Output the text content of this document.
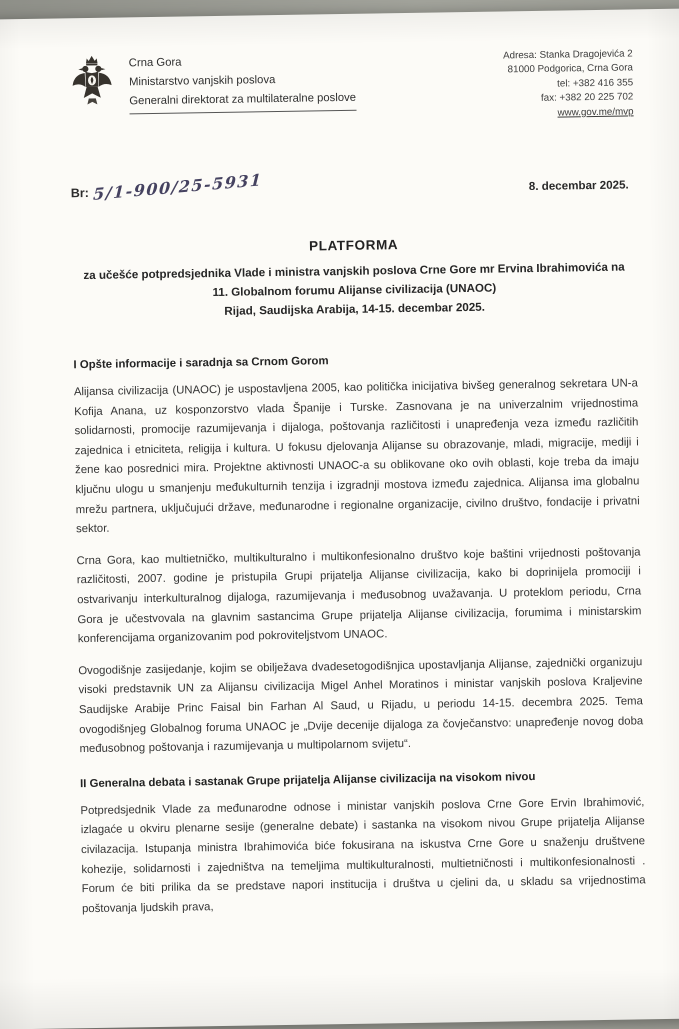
Crna Gora
Ministarstvo vanjskih poslova
Generalni direktorat za multilateralne poslove
Adresa: Stanka Dragojevića 2
81000 Podgorica, Crna Gora
tel: +382 416 355
fax: +382 20 225 702
www.gov.me/mvp
Br: 5/1-900/25-5931	8. decembar 2025.
PLATFORMA
za učešće potpredsjednika Vlade i ministra vanjskih poslova Crne Gore mr Ervina Ibrahimovića na 11. Globalnom forumu Alijanse civilizacija (UNAOC)
Rijad, Saudijska Arabija, 14-15. decembar 2025.
I Opšte informacije i saradnja sa Crnom Gorom

Alijansa civilizacija (UNAOC) je uspostavljena 2005, kao politička inicijativa bivšeg generalnog sekretara UN-a Kofija Anana, uz kosponzorstvo vlada Španije i Turske. Zasnovana je na univerzalnim vrijednostima solidarnosti, promocije razumijevanja i dijaloga, poštovanja različitosti i unapređenja veza između različitih zajednica i etniciteta, religija i kultura. U fokusu djelovanja Alijanse su obrazovanje, mladi, migracije, mediji i žene kao posrednici mira. Projektne aktivnosti UNAOC-a su oblikovane oko ovih oblasti, koje treba da imaju ključnu ulogu u smanjenju međukulturnih tenzija i izgradnji mostova između zajednica. Alijansa ima globalnu mrežu partnera, uključujući države, međunarodne i regionalne organizacije, civilno društvo, fondacije i privatni sektor.

Crna Gora, kao multietničko, multikulturalno i multikonfesionalno društvo koje baštini vrijednosti poštovanja različitosti, 2007. godine je pristupila Grupi prijatelja Alijanse civilizacija, kako bi doprinijela promociji i ostvarivanju interkulturalnog dijaloga, razumijevanja i međusobnog uvažavanja. U proteklom periodu, Crna Gora je učestvovala na glavnim sastancima Grupe prijatelja Alijanse civilizacija, forumima i ministarskim konferencijama organizovanim pod pokroviteljstvom UNAOC.

Ovogodišnje zasijedanje, kojim se obilježava dvadesetogodišnjica upostavljanja Alijanse, zajednički organizuju visoki predstavnik UN za Alijansu civilizacija Migel Anhel Moratinos i ministar vanjskih poslova Kraljevine Saudijske Arabije Princ Faisal bin Farhan Al Saud, u Rijadu, u periodu 14-15. decembra 2025. Tema ovogodišnjeg Globalnog foruma UNAOC je „Dvije decenije dijaloga za čovječanstvo: unapređenje novog doba međusobnog poštovanja i razumijevanja u multipolarnom svijetu“.

II Generalna debata i sastanak Grupe prijatelja Alijanse civilizacija na visokom nivou

Potpredsjednik Vlade za međunarodne odnose i ministar vanjskih poslova Crne Gore Ervin Ibrahimović, izlagaće u okviru plenarne sesije (generalne debate) i sastanka na visokom nivou Grupe prijatelja Alijanse civilazacija. Istupanja ministra Ibrahimovića biće fokusirana na iskustva Crne Gore u snaženju društvene kohezije, solidarnosti i zajedništva na temeljima multikulturalnosti, multietničnosti i multikonfesionalnosti . Forum će biti prilika da se predstave napori institucija i društva u cjelini da, u skladu sa vrijednostima poštovanja ljudskih prava,
